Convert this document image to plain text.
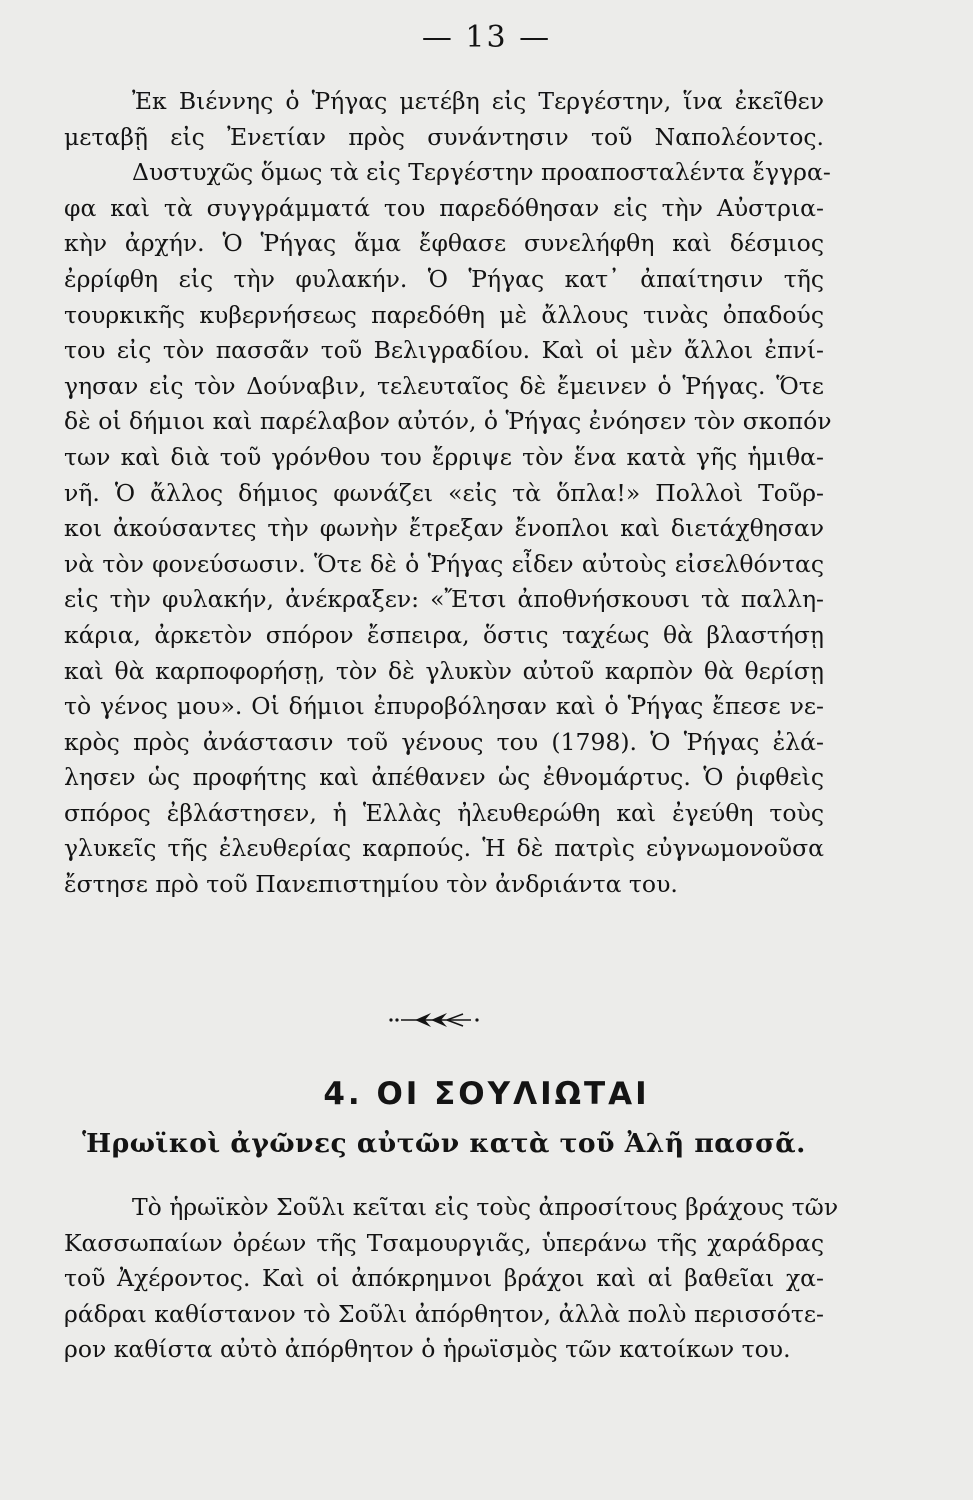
— 13 —

Ἐκ Βιέννης ὁ Ῥήγας μετέβη εἰς Τεργέστην, ἵνα ἐκεῖθεν
μεταβῇ εἰς Ἐνετίαν πρὸς συνάντησιν τοῦ Ναπολέοντος.
Δυστυχῶς ὅμως τὰ εἰς Τεργέστην προαποσταλέντα ἔγγρα-
φα καὶ τὰ συγγράμματά του παρεδόθησαν εἰς τὴν Αὐστρια-
κὴν ἀρχήν. Ὁ Ῥήγας ἅμα ἔφθασε συνελήφθη καὶ δέσμιος
ἐρρίφθη εἰς τὴν φυλακήν. Ὁ Ῥήγας κατ᾽ ἀπαίτησιν τῆς
τουρκικῆς κυβερνήσεως παρεδόθη μὲ ἄλλους τινὰς ὀπαδούς
του εἰς τὸν πασσᾶν τοῦ Βελιγραδίου. Καὶ οἱ μὲν ἄλλοι ἐπνί-
γησαν εἰς τὸν Δούναβιν, τελευταῖος δὲ ἔμεινεν ὁ Ῥήγας. Ὅτε
δὲ οἱ δήμιοι καὶ παρέλαβον αὐτόν, ὁ Ῥήγας ἐνόησεν τὸν σκοπόν
των καὶ διὰ τοῦ γρόνθου του ἔρριψε τὸν ἕνα κατὰ γῆς ἡμιθα-
νῆ. Ὁ ἄλλος δήμιος φωνάζει «εἰς τὰ ὅπλα!» Πολλοὶ Τοῦρ-
κοι ἀκούσαντες τὴν φωνὴν ἔτρεξαν ἔνοπλοι καὶ διετάχθησαν
νὰ τὸν φονεύσωσιν. Ὅτε δὲ ὁ Ῥήγας εἶδεν αὐτοὺς εἰσελθόντας
εἰς τὴν φυλακήν, ἀνέκραξεν: «Ἔτσι ἀποθνήσκουσι τὰ παλλη-
κάρια, ἀρκετὸν σπόρον ἔσπειρα, ὅστις ταχέως θὰ βλαστήσῃ
καὶ θὰ καρποφορήσῃ, τὸν δὲ γλυκὺν αὐτοῦ καρπὸν θὰ θερίσῃ
τὸ γένος μου». Οἱ δήμιοι ἐπυροβόλησαν καὶ ὁ Ῥήγας ἔπεσε νε-
κρὸς πρὸς ἀνάστασιν τοῦ γένους του (1798). Ὁ Ῥήγας ἐλά-
λησεν ὡς προφήτης καὶ ἀπέθανεν ὡς ἐθνομάρτυς. Ὁ ῥιφθεὶς
σπόρος ἐβλάστησεν, ἡ Ἑλλὰς ἠλευθερώθη καὶ ἐγεύθη τοὺς
γλυκεῖς τῆς ἐλευθερίας καρπούς. Ἡ δὲ πατρὶς εὐγνωμονοῦσα
ἔστησε πρὸ τοῦ Πανεπιστημίου τὸν ἀνδριάντα του.

4. ΟΙ ΣΟΥΛΙΩΤΑΙ
Ἡρωϊκοὶ ἀγῶνες αὐτῶν κατὰ τοῦ Ἀλῆ πασσᾶ.

Τὸ ἡρωϊκὸν Σοῦλι κεῖται εἰς τοὺς ἀπροσίτους βράχους τῶν
Κασσωπαίων ὀρέων τῆς Τσαμουργιᾶς, ὑπεράνω τῆς χαράδρας
τοῦ Ἀχέροντος. Καὶ οἱ ἀπόκρημνοι βράχοι καὶ αἱ βαθεῖαι χα-
ράδραι καθίστανον τὸ Σοῦλι ἀπόρθητον, ἀλλὰ πολὺ περισσότε-
ρον καθίστα αὐτὸ ἀπόρθητον ὁ ἡρωϊσμὸς τῶν κατοίκων του.
